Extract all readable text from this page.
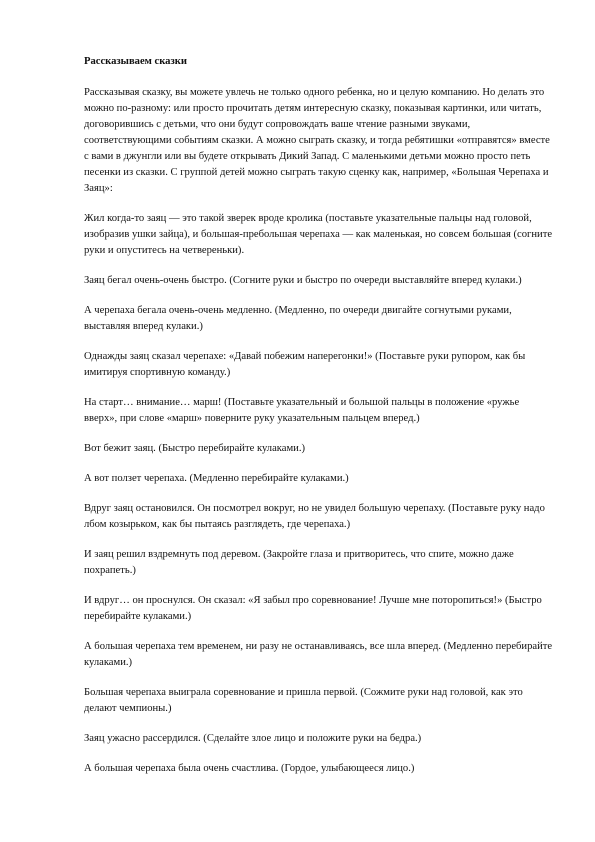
Рассказываем сказки

Рассказывая сказку, вы можете увлечь не только одного ребенка, но и целую компанию. Но делать это можно по-разному: или просто прочитать детям интересную сказку, показывая картинки, или читать, договорившись с детьми, что они будут сопровождать ваше чтение разными звуками, соответствующими событиям сказки. А можно сыграть сказку, и тогда ребятишки «отправятся» вместе с вами в джунгли или вы будете открывать Дикий Запад. С маленькими детьми можно просто петь песенки из сказки. С группой детей можно сыграть такую сценку как, например, «Большая Черепаха и Заяц»:

Жил когда-то заяц — это такой зверек вроде кролика (поставьте указательные пальцы над головой, изобразив ушки зайца), и большая-пребольшая черепаха — как маленькая, но совсем большая (согните руки и опуститесь на четвереньки).

Заяц бегал очень-очень быстро. (Согните руки и быстро по очереди выставляйте вперед кулаки.)

А черепаха бегала очень-очень медленно. (Медленно, по очереди двигайте согнутыми руками, выставляя вперед кулаки.)

Однажды заяц сказал черепахе: «Давай побежим наперегонки!» (Поставьте руки рупором, как бы имитируя спортивную команду.)

На старт… внимание… марш! (Поставьте указательный и большой пальцы в положение «ружье вверх», при слове «марш» поверните руку указательным пальцем вперед.)

Вот бежит заяц. (Быстро перебирайте кулаками.)

А вот ползет черепаха. (Медленно перебирайте кулаками.)

Вдруг заяц остановился. Он посмотрел вокруг, но не увидел большую черепаху. (Поставьте руку надо лбом козырьком, как бы пытаясь разглядеть, где черепаха.)

И заяц решил вздремнуть под деревом. (Закройте глаза и притворитесь, что спите, можно даже похрапеть.)

И вдруг… он проснулся. Он сказал: «Я забыл про соревнование! Лучше мне поторопиться!» (Быстро перебирайте кулаками.)

А большая черепаха тем временем, ни разу не останавливаясь, все шла вперед. (Медленно перебирайте кулаками.)

Большая черепаха выиграла соревнование и пришла первой. (Сожмите руки над головой, как это делают чемпионы.)

Заяц ужасно рассердился. (Сделайте злое лицо и положите руки на бедра.)

А большая черепаха была очень счастлива. (Гордое, улыбающееся лицо.)
